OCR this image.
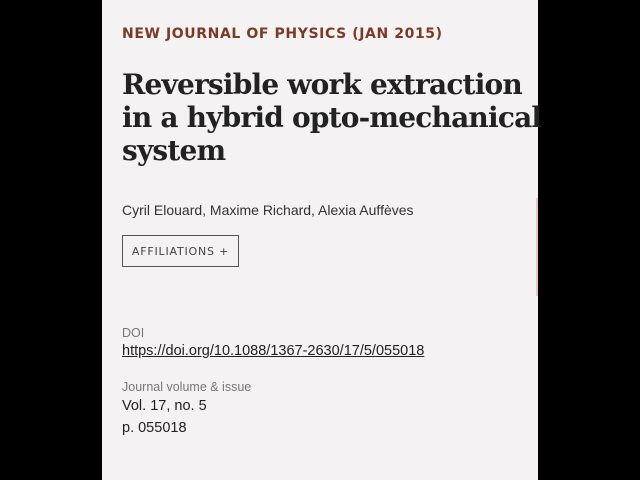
NEW JOURNAL OF PHYSICS (JAN 2015)
Reversible work extraction
in a hybrid opto-mechanical
system
Cyril Elouard, Maxime Richard, Alexia Auffèves
AFFILIATIONS +
DOI
https://doi.org/10.1088/1367-2630/17/5/055018
Journal volume & issue
Vol. 17, no. 5
p. 055018
